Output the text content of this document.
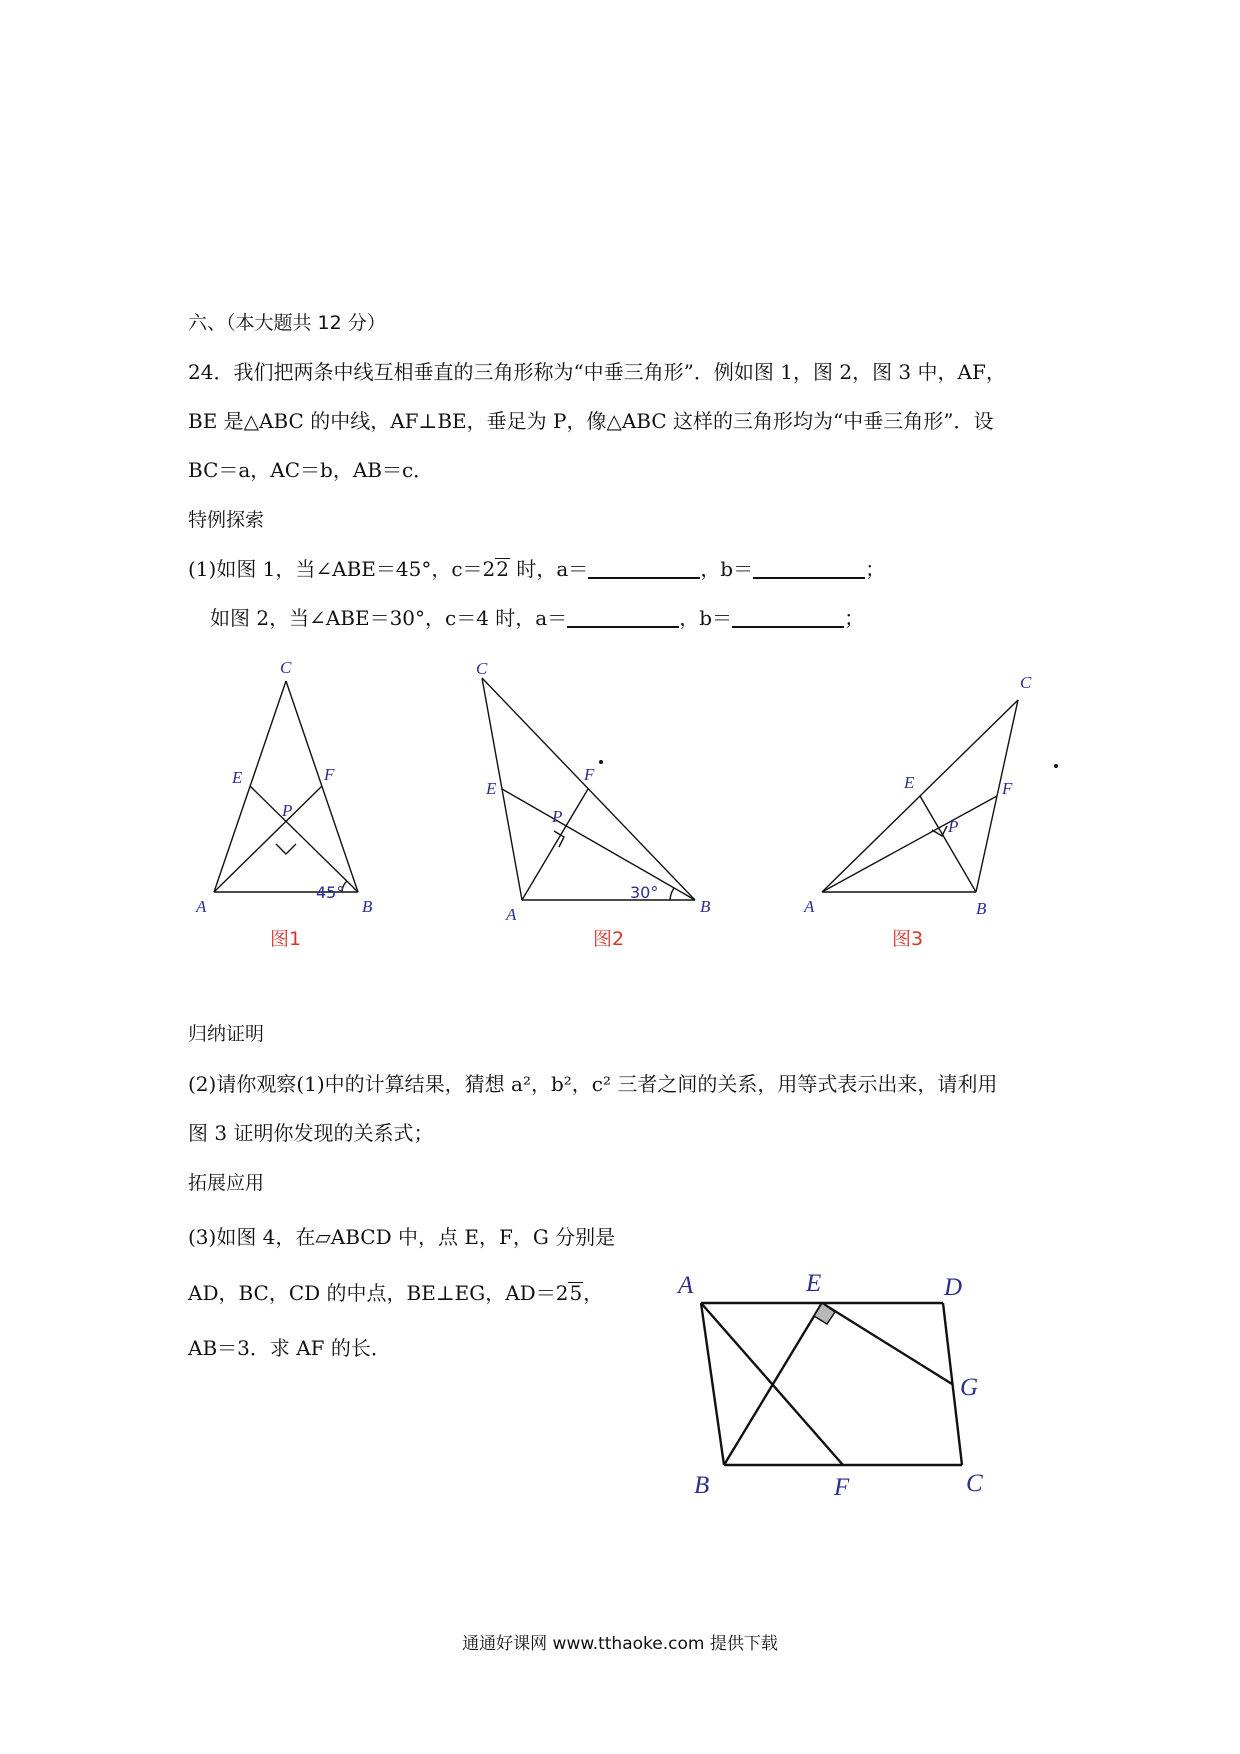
六、（本大题共 12 分）
24．我们把两条中线互相垂直的三角形称为“中垂三角形”．例如图 1，图 2，图 3 中，AF，
BE 是△ABC 的中线，AF⊥BE，垂足为 P，像△ABC 这样的三角形均为“中垂三角形”．设
BC＝a，AC＝b，AB＝c．
特例探索
(1)如图 1，当∠ABE＝45°，c＝22 时，a＝	，b＝	；
如图 2，当∠ABE＝30°，c＝4 时，a＝	，b＝	；
C
E	F
P
A	B
45°
图1
C
E
F
P
A	B
30°
图2
C
E	F
P
A	B
图3
归纳证明
(2)请你观察(1)中的计算结果，猜想 a²，b²，c² 三者之间的关系，用等式表示出来，请利用
图 3 证明你发现的关系式；
拓展应用
(3)如图 4，在▱ABCD 中，点 E，F，G 分别是
AD，BC，CD 的中点，BE⊥EG，AD＝25，
AB＝3．求 AF 的长．
A	E	D
G
B	F	C
通通好课网 www.tthaoke.com 提供下载
